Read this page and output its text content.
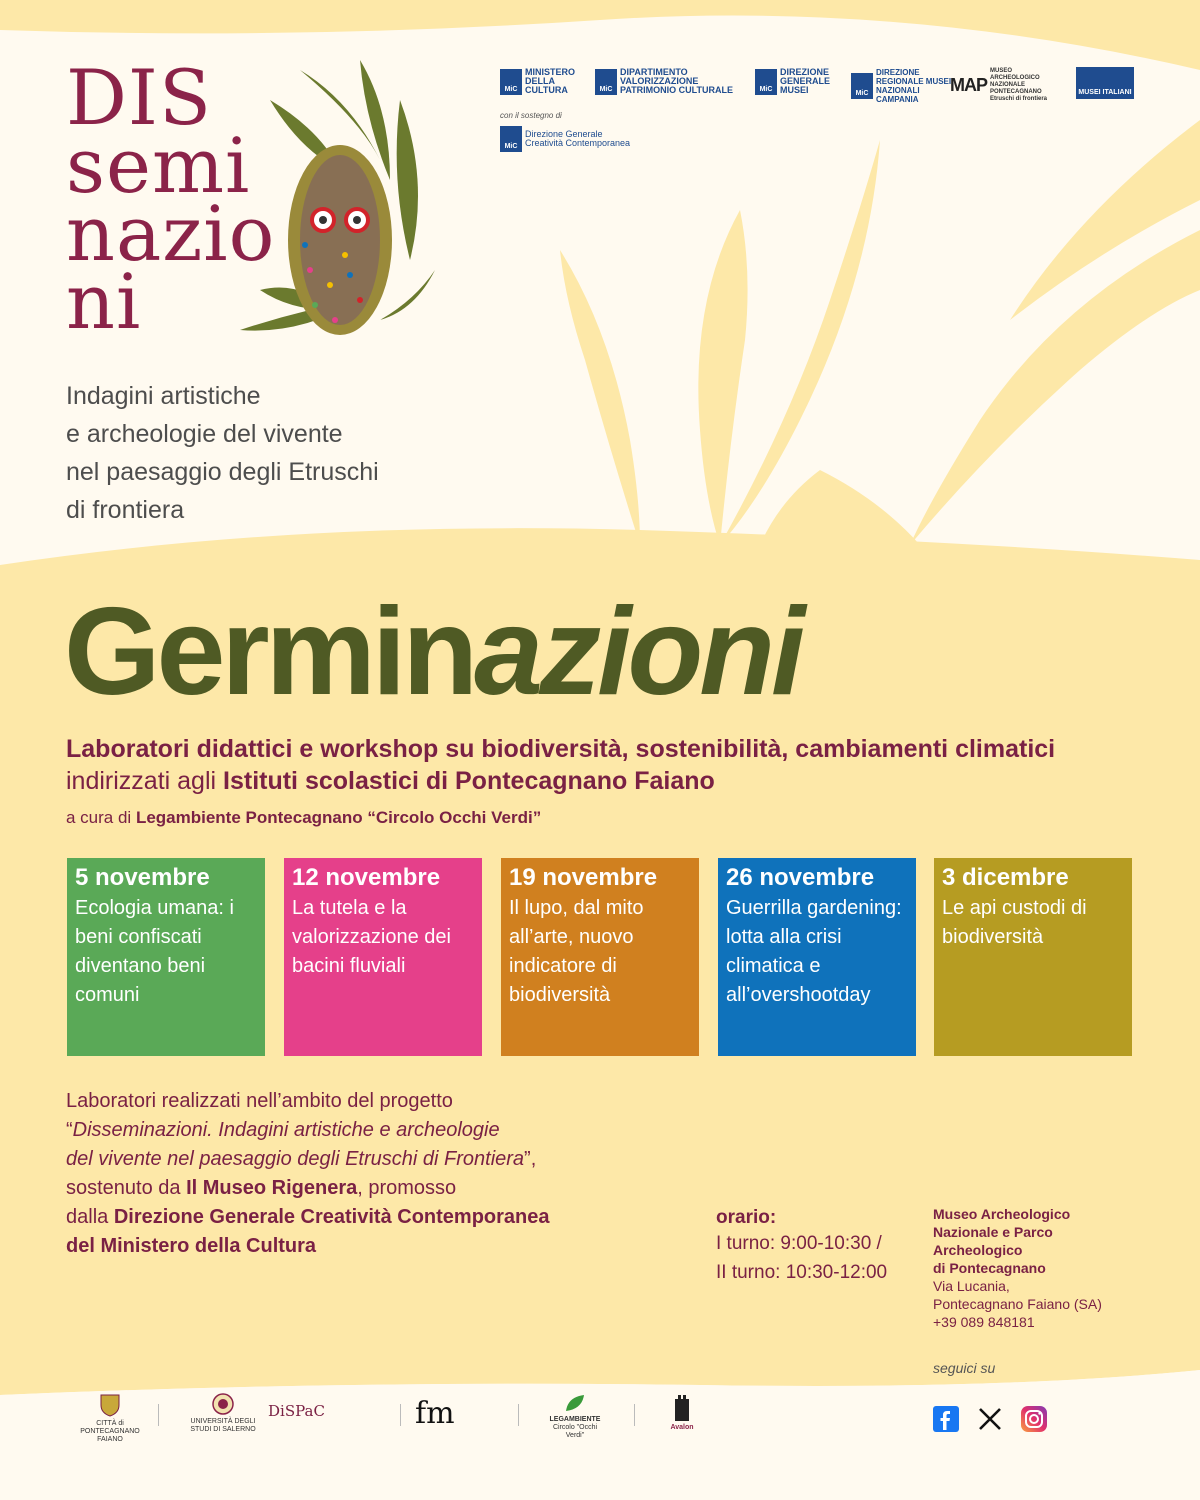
DIS
semi
nazio
ni
Indagini artistiche
e archeologie del vivente
nel paesaggio degli Etruschi
di frontiera
MiC
MINISTERO DELLA CULTURA	MiC
DIPARTIMENTO VALORIZZAZIONE PATRIMONIO CULTURALE	MiC
DIREZIONE GENERALE MUSEI	MiC
DIREZIONE REGIONALE MUSEI NAZIONALI CAMPANIA
MAP
MUSEO ARCHEOLOGICO NAZIONALE PONTECAGNANO Etruschi di frontiera
MUSEI ITALIANI
con il sostegno di
MiC
Direzione Generale Creatività Contemporanea
Germinazioni
Laboratori didattici e workshop su biodiversità, sostenibilità, cambiamenti climatici indirizzati agli Istituti scolastici di Pontecagnano Faiano
a cura di Legambiente Pontecagnano “Circolo Occhi Verdi”
5 novembre
Ecologia umana: i beni confiscati diventano beni comuni
12 novembre
La tutela e la valorizzazione dei bacini fluviali
19 novembre
Il lupo, dal mito all’arte, nuovo indicatore di biodiversità
26 novembre
Guerrilla gardening: lotta alla crisi climatica e all’overshootday
3 dicembre
Le api custodi di biodiversità
Laboratori realizzati nell’ambito del progetto
“Disseminazioni. Indagini artistiche e archeologie
del vivente nel paesaggio degli Etruschi di Frontiera”,
sostenuto da Il Museo Rigenera, promosso
dalla Direzione Generale Creatività Contemporanea
del Ministero della Cultura
orario:
I turno: 9:00-10:30 /
II turno: 10:30-12:00
Museo Archeologico
Nazionale e Parco
Archeologico
di Pontecagnano
Via Lucania,
Pontecagnano Faiano (SA)
+39 089 848181
seguici su
CITTÀ di PONTECAGNANO FAIANO
UNIVERSITÀ DEGLI STUDI DI SALERNO
DiSPaC	fm	LEGAMBIENTE
Circolo "Occhi Verdi"
Avalon
